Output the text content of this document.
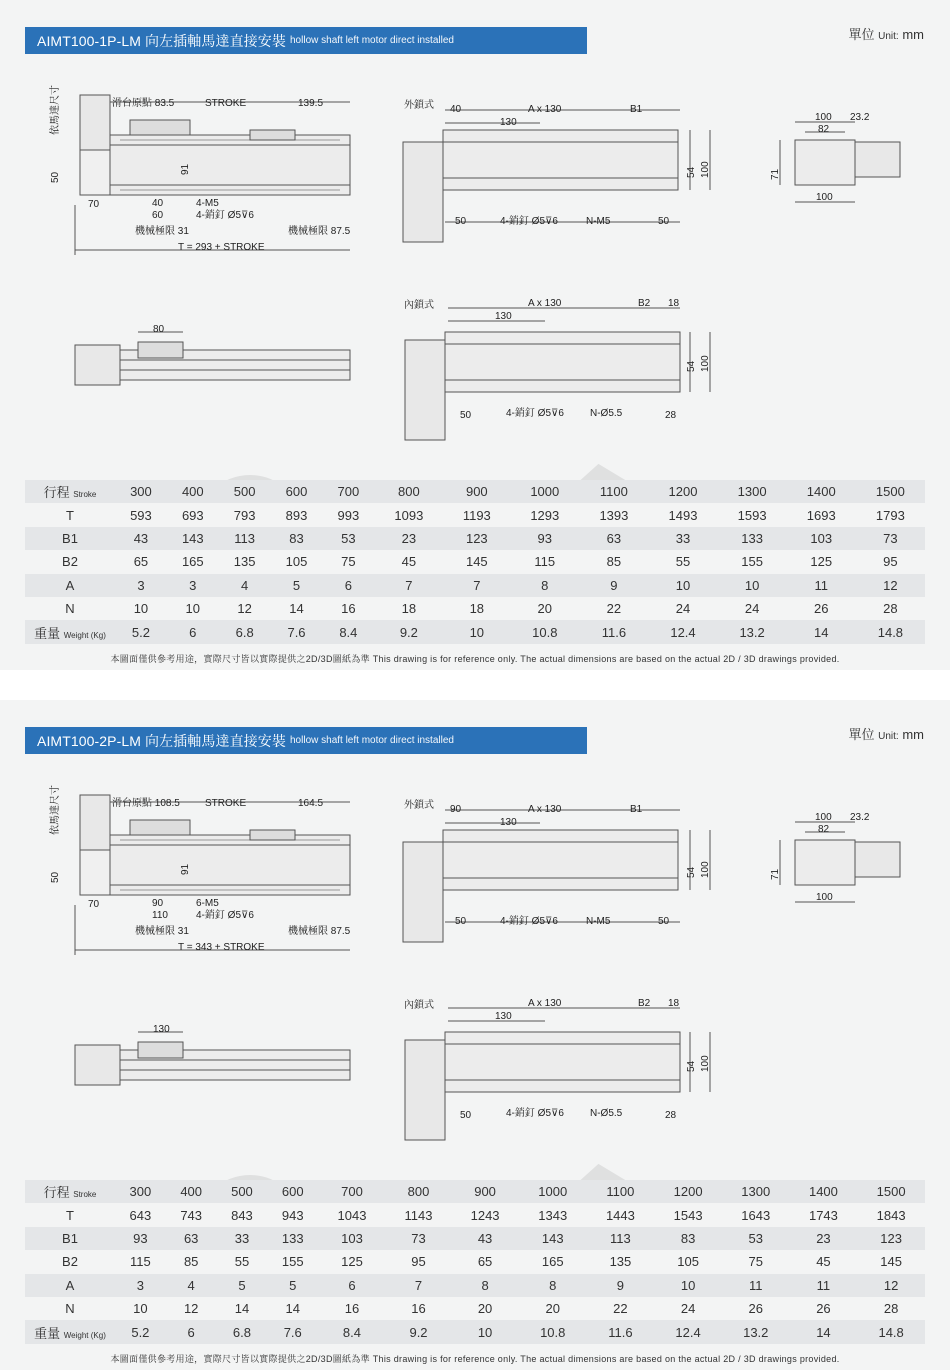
AIMT100-1P-LM 向左插軸馬達直接安裝 hollow shaft left motor direct installed	單位 Unit: mm
依馬達尺寸	滑台原點 83.5	STROKE	139.5
50
70	40
60
91
4-M5
4-銷釘 Ø5⊽6
機械極限 31	機械極限 87.5
T = 293 + STROKE
80
外鎖式 40	A x 130	B1
130
54 100
50	4-銷釘 Ø5⊽6	N-M5	50
內鎖式	A x 130	B2 18
130
54 100
50	4-銷釘 Ø5⊽6	N-Ø5.5	28
100 23.2
82
71
100
行程 Stroke	300	400	500	600	700	800	900	1000	1100	1200	1300	1400	1500
T	593	693	793	893	993	1093	1193	1293	1393	1493	1593	1693	1793
B1	43	143	113	83	53	23	123	93	63	33	133	103	73
B2	65	165	135	105	75	45	145	115	85	55	155	125	95
A	3	3	4	5	6	7	7	8	9	10	10	11	12
N	10	10	12	14	16	18	18	20	22	24	24	26	28
重量 Weight (Kg)	5.2	6	6.8	7.6	8.4	9.2	10	10.8	11.6	12.4	13.2	14	14.8
本圖面僅供參考用途，實際尺寸皆以實際提供之2D/3D圖紙為準 This drawing is for reference only. The actual dimensions are based on the actual 2D / 3D drawings provided.
AIMT100-2P-LM 向左插軸馬達直接安裝 hollow shaft left motor direct installed	單位 Unit: mm
依馬達尺寸	滑台原點 108.5	STROKE	164.5
50
70	90
110
91
6-M5
4-銷釘 Ø5⊽6
機械極限 31	機械極限 87.5
T = 343 + STROKE
130
外鎖式 90	A x 130	B1
130
54 100
50	4-銷釘 Ø5⊽6	N-M5	50
內鎖式	A x 130	B2 18
130
54 100
50	4-銷釘 Ø5⊽6	N-Ø5.5	28
100 23.2
82
71
100
行程 Stroke	300	400	500	600	700	800	900	1000	1100	1200	1300	1400	1500
T	643	743	843	943	1043	1143	1243	1343	1443	1543	1643	1743	1843
B1	93	63	33	133	103	73	43	143	113	83	53	23	123
B2	115	85	55	155	125	95	65	165	135	105	75	45	145
A	3	4	5	5	6	7	8	8	9	10	11	11	12
N	10	12	14	14	16	16	20	20	22	24	26	26	28
重量 Weight (Kg)	5.2	6	6.8	7.6	8.4	9.2	10	10.8	11.6	12.4	13.2	14	14.8
本圖面僅供參考用途，實際尺寸皆以實際提供之2D/3D圖紙為準 This drawing is for reference only. The actual dimensions are based on the actual 2D / 3D drawings provided.
